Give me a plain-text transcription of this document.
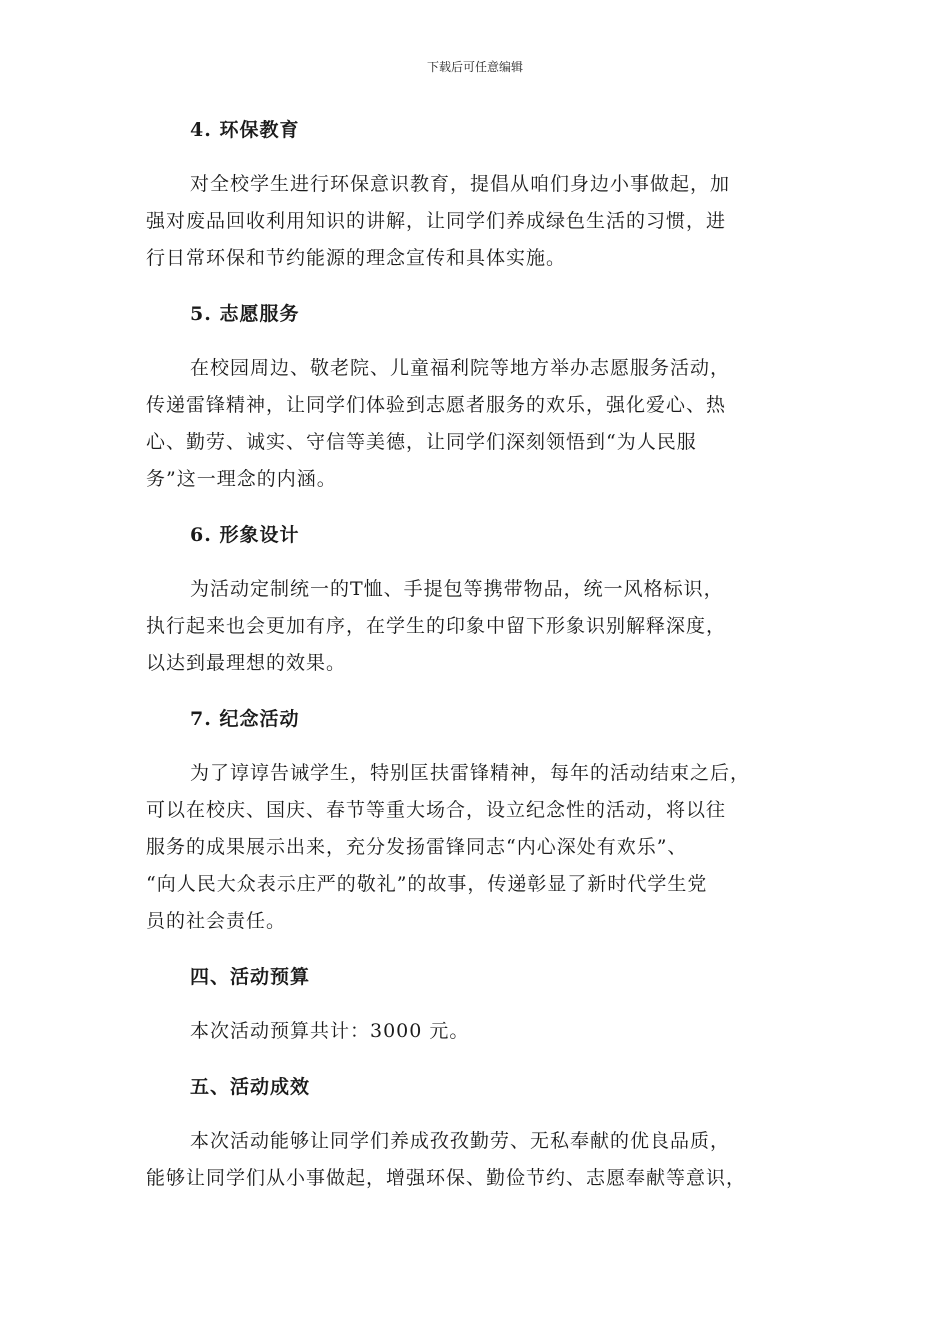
下载后可任意编辑
4. 环保教育

对全校学生进行环保意识教育，提倡从咱们身边小事做起，加
强对废品回收利用知识的讲解，让同学们养成绿色生活的习惯，进
行日常环保和节约能源的理念宣传和具体实施。

5. 志愿服务

在校园周边、敬老院、儿童福利院等地方举办志愿服务活动，
传递雷锋精神，让同学们体验到志愿者服务的欢乐，强化爱心、热
心、勤劳、诚实、守信等美德，让同学们深刻领悟到“为人民服
务”这一理念的内涵。

6. 形象设计

为活动定制统一的T恤、手提包等携带物品，统一风格标识，
执行起来也会更加有序，在学生的印象中留下形象识别解释深度，
以达到最理想的效果。

7. 纪念活动

为了谆谆告诫学生，特别匡扶雷锋精神，每年的活动结束之后，
可以在校庆、国庆、春节等重大场合，设立纪念性的活动，将以往
服务的成果展示出来，充分发扬雷锋同志“内心深处有欢乐”、
“向人民大众表示庄严的敬礼”的故事，传递彰显了新时代学生党
员的社会责任。

四、活动预算

本次活动预算共计：3000 元。

五、活动成效

本次活动能够让同学们养成孜孜勤劳、无私奉献的优良品质，
能够让同学们从小事做起，增强环保、勤俭节约、志愿奉献等意识，
